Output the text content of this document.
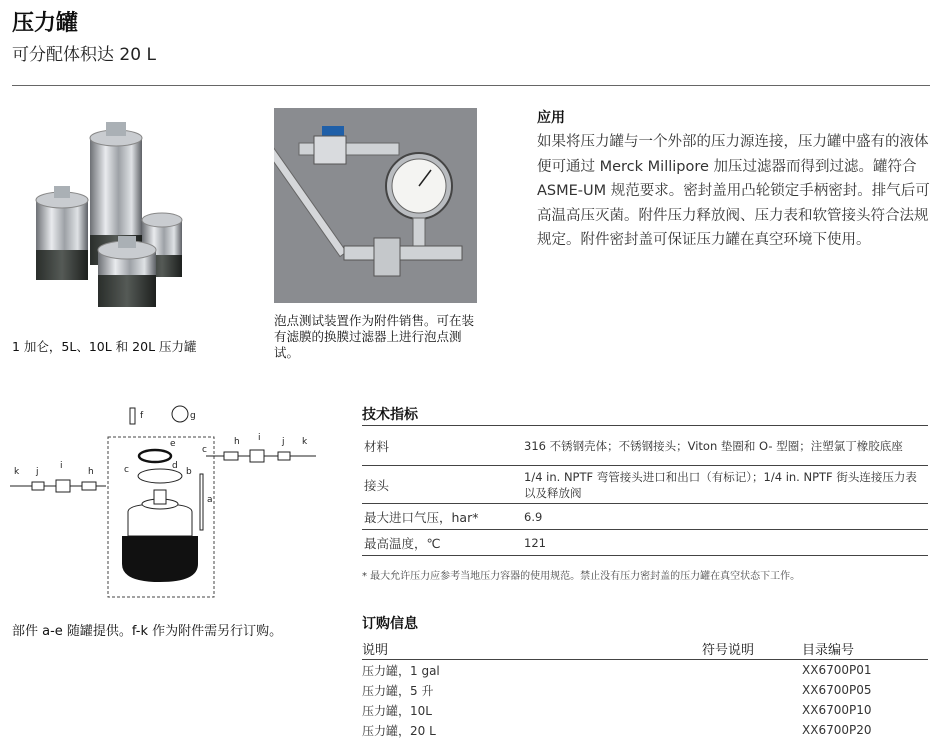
压力罐
可分配体积达 20 L
1 加仑，5L、10L 和 20L 压力罐
泡点测试装置作为附件销售。可在装有滤膜的换膜过滤器上进行泡点测试。
应用
如果将压力罐与一个外部的压力源连接，压力罐中盛有的液体便可通过 Merck Millipore 加压过滤器而得到过滤。罐符合 ASME-UM 规范要求。密封盖用凸轮锁定手柄密封。排气后可高温高压灭菌。附件压力释放阀、压力表和软管接头符合法规规定。附件密封盖可保证压力罐在真空环境下使用。
a
b
c
c
d
e
f	g
h
h
i
i
j
j
k
k
部件 a-e 随罐提供。f-k 作为附件需另行订购。
技术指标
材料	316 不锈钢壳体；不锈钢接头；Viton 垫圈和 O- 型圈；注塑氯丁橡胶底座
接头	1/4 in. NPTF 弯管接头进口和出口（有标记）；1/4 in. NPTF 街头连接压力表以及释放阀
最大进口气压，har*	6.9
最高温度，℃	121
* 最大允许压力应参考当地压力容器的使用规范。禁止没有压力密封盖的压力罐在真空状态下工作。
订购信息
说明	符号说明	目录编号
压力罐，1 gal		XX6700P01
压力罐，5 升		XX6700P05
压力罐，10L		XX6700P10
压力罐，20 L		XX6700P20
